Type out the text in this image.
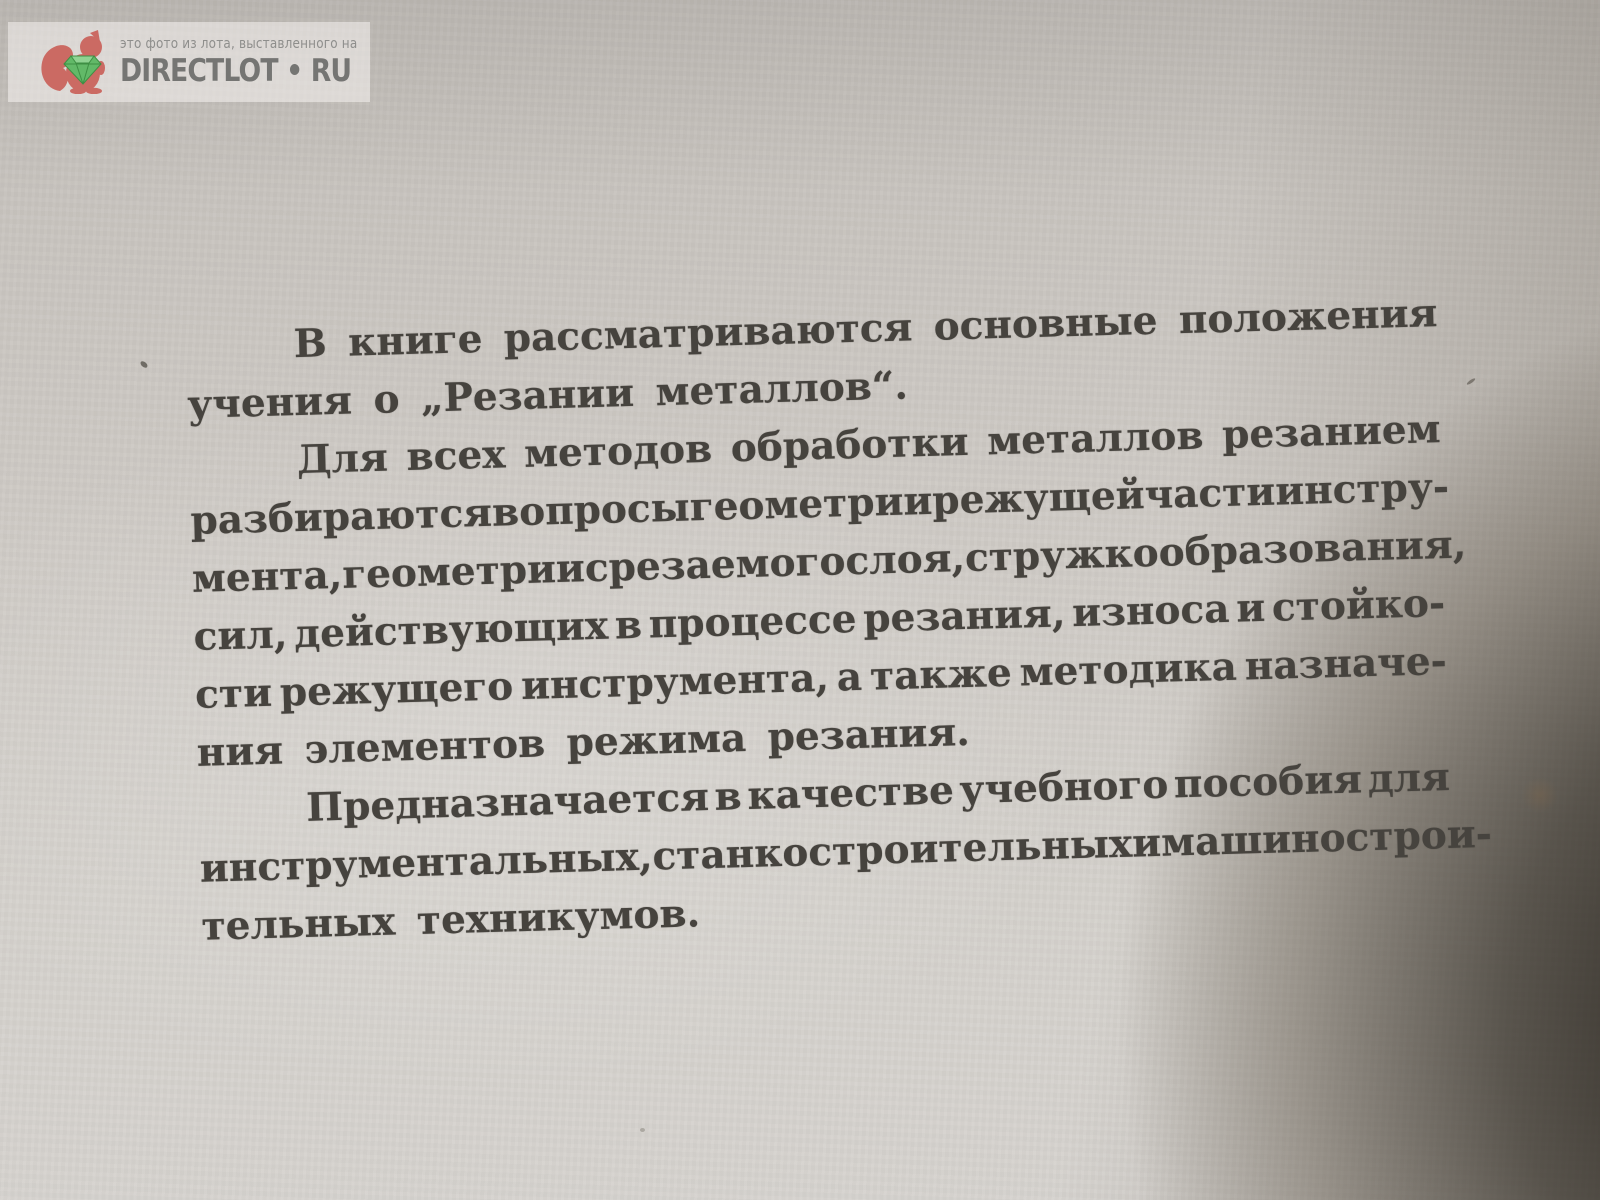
это фото из лота, выставленного на
DIRECTLOT • RU
В книге рассматриваются основные положения
учения о „Резании металлов“.
Для всех методов обработки металлов резанием
разбираются
вопросы
геометрии
режущей
части
инстру-
мента,
геометрии
срезаемого
слоя,
стружкообразования,
сил, действующих в процессе резания, износа и стойко-
сти режущего инструмента, а также методика назначе-
ния элементов режима резания.
Предназначается в качестве учебного пособия для
инструментальных,
станкостроительных
и
машинострои-
тельных техникумов.
